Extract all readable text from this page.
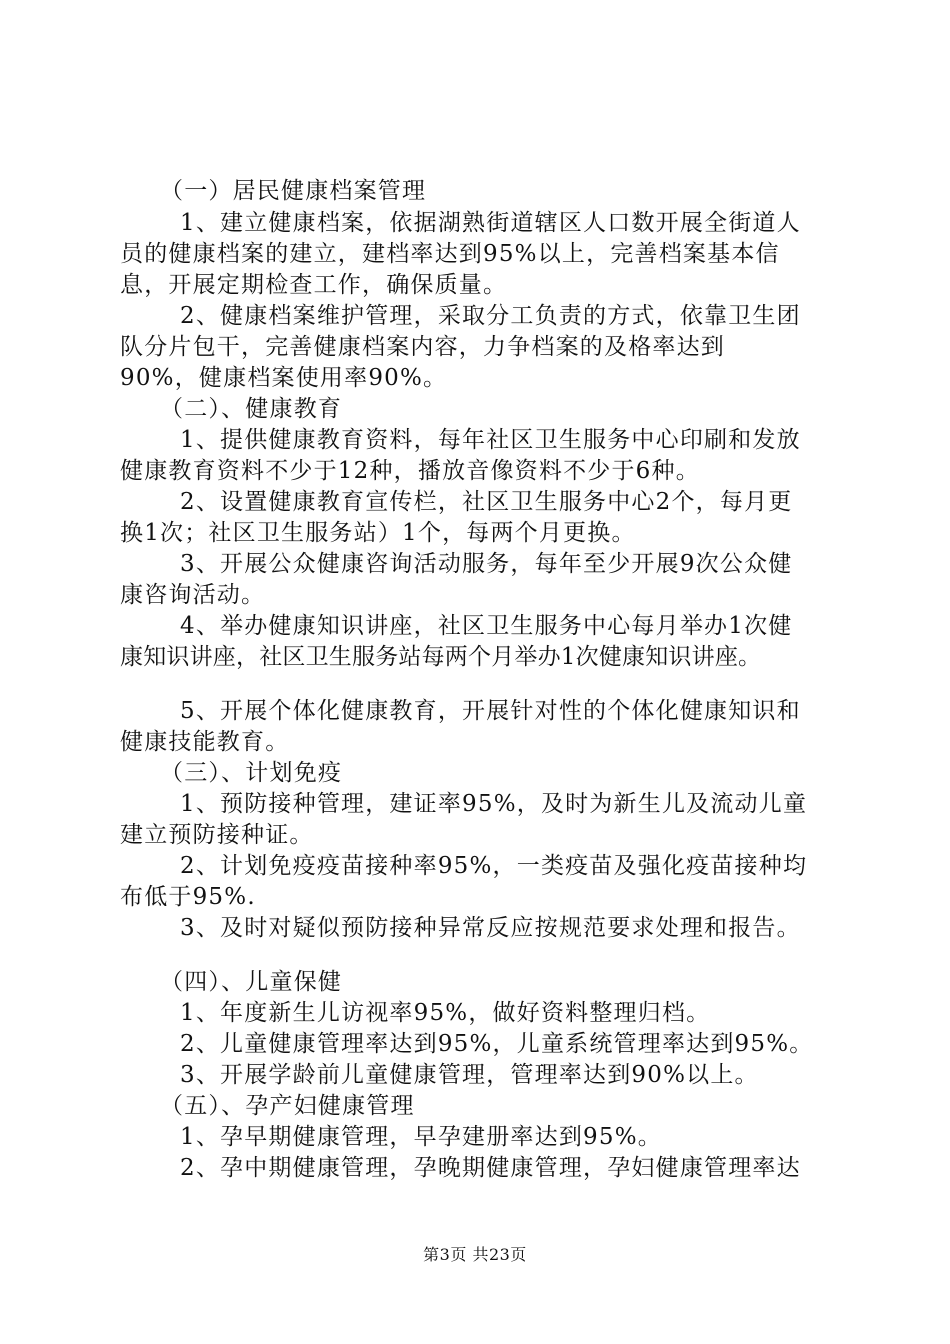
（一）居民健康档案管理
1、建立健康档案，依据湖熟街道辖区人口数开展全街道人
员的健康档案的建立，建档率达到95%以上，完善档案基本信
息，开展定期检查工作，确保质量。
2、健康档案维护管理，采取分工负责的方式，依靠卫生团
队分片包干，完善健康档案内容，力争档案的及格率达到
90%，健康档案使用率90%。
（二）、健康教育
1、提供健康教育资料，每年社区卫生服务中心印刷和发放
健康教育资料不少于12种，播放音像资料不少于6种。
2、设置健康教育宣传栏，社区卫生服务中心2个，每月更
换1次；社区卫生服务站）1个，每两个月更换。
3、开展公众健康咨询活动服务，每年至少开展9次公众健
康咨询活动。
4、举办健康知识讲座，社区卫生服务中心每月举办1次健
康知识讲座，社区卫生服务站每两个月举办1次健康知识讲座。
5、开展个体化健康教育，开展针对性的个体化健康知识和
健康技能教育。
（三）、计划免疫
1、预防接种管理，建证率95%，及时为新生儿及流动儿童
建立预防接种证。
2、计划免疫疫苗接种率95%，一类疫苗及强化疫苗接种均
布低于95%.
3、及时对疑似预防接种异常反应按规范要求处理和报告。
（四）、儿童保健
1、年度新生儿访视率95%，做好资料整理归档。
2、儿童健康管理率达到95%，儿童系统管理率达到95%。
3、开展学龄前儿童健康管理，管理率达到90%以上。
（五）、孕产妇健康管理
1、孕早期健康管理，早孕建册率达到95%。
2、孕中期健康管理，孕晚期健康管理，孕妇健康管理率达
第3页 共23页
